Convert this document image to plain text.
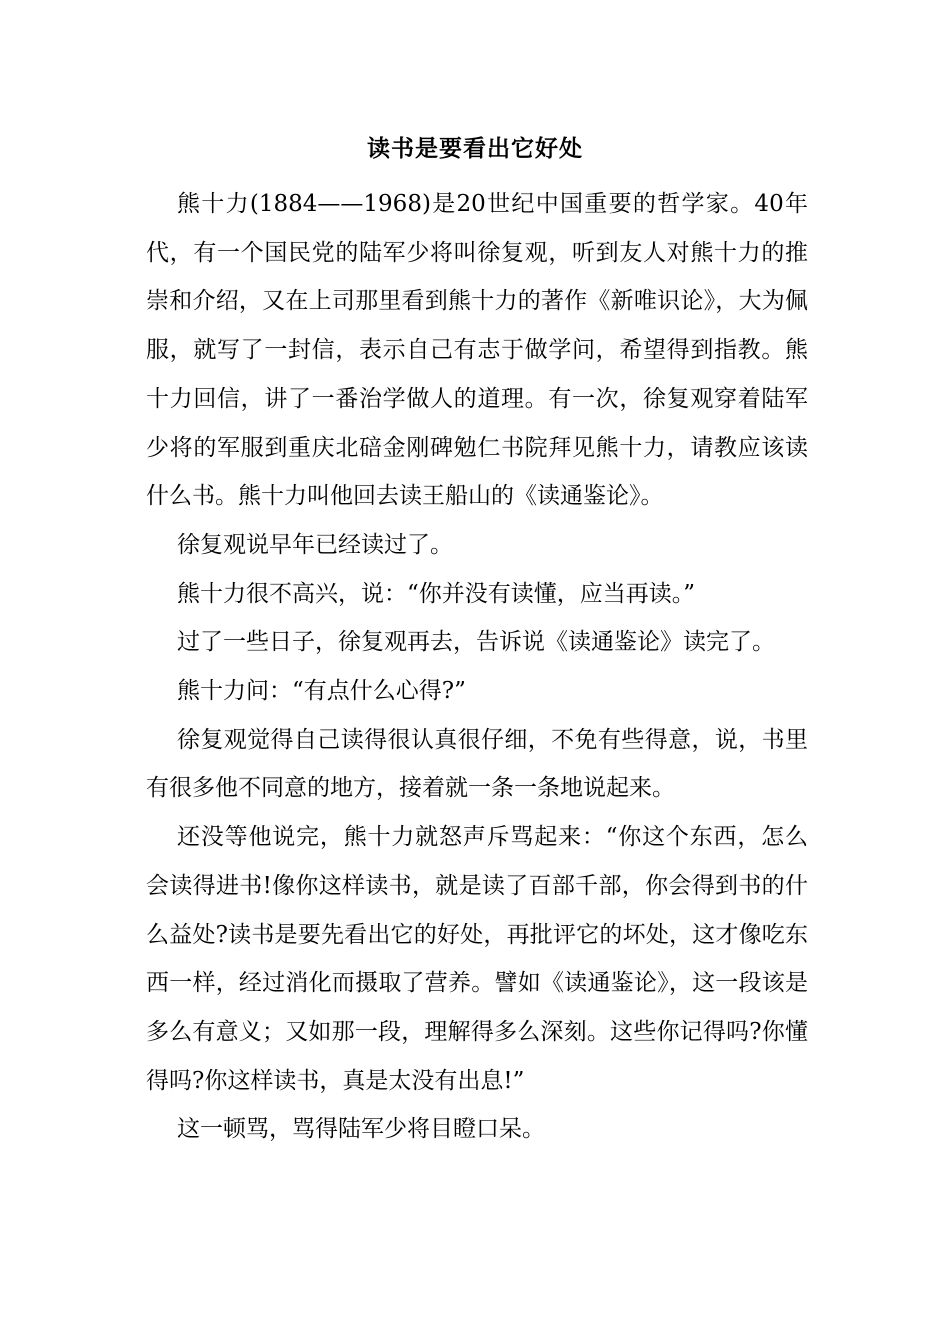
读书是要看出它好处

熊十力(1884——1968)是20世纪中国重要的哲学家。40年代，有一个国民党的陆军少将叫徐复观，听到友人对熊十力的推崇和介绍，又在上司那里看到熊十力的著作《新唯识论》，大为佩服，就写了一封信，表示自己有志于做学问，希望得到指教。熊十力回信，讲了一番治学做人的道理。有一次，徐复观穿着陆军少将的军服到重庆北碚金刚碑勉仁书院拜见熊十力，请教应该读什么书。熊十力叫他回去读王船山的《读通鉴论》。

徐复观说早年已经读过了。

熊十力很不高兴，说：“你并没有读懂，应当再读。”

过了一些日子，徐复观再去，告诉说《读通鉴论》读完了。

熊十力问：“有点什么心得?”

徐复观觉得自己读得很认真很仔细，不免有些得意，说，书里有很多他不同意的地方，接着就一条一条地说起来。

还没等他说完，熊十力就怒声斥骂起来：“你这个东西，怎么会读得进书!像你这样读书，就是读了百部千部，你会得到书的什么益处?读书是要先看出它的好处，再批评它的坏处，这才像吃东西一样，经过消化而摄取了营养。譬如《读通鉴论》，这一段该是多么有意义；又如那一段，理解得多么深刻。这些你记得吗?你懂得吗?你这样读书，真是太没有出息!”

这一顿骂，骂得陆军少将目瞪口呆。
